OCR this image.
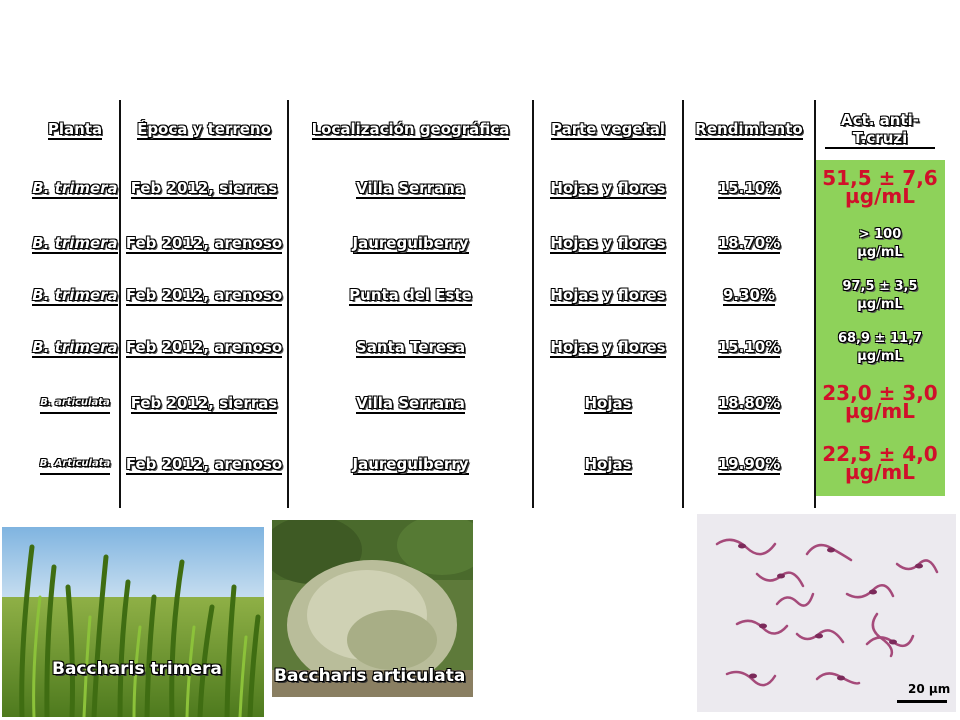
Planta	Época y terreno	Localización geográfica	Parte vegetal	Rendimiento	Act. anti-T.cruzi
B. trimera	Feb 2012, sierras	Villa Serrana	Hojas y flores	15.10%	51,5 ± 7,6 µg/mL
B. trimera	Feb 2012, arenoso	Jaureguiberry	Hojas y flores	18.70%	> 100 µg/mL
B. trimera	Feb 2012, arenoso	Punta del Este	Hojas y flores	9.30%	97,5 ± 3,5 µg/mL
B. trimera	Feb 2012, arenoso	Santa Teresa	Hojas y flores	15.10%	68,9 ± 11,7 µg/mL
B. articulata	Feb 2012, sierras	Villa Serrana	Hojas	18.80%	23,0 ± 3,0 µg/mL
B. Articulata	Feb 2012, arenoso	Jaureguiberry	Hojas	19.90%	22,5 ± 4,0 µg/mL
Baccharis trimera	Baccharis articulata
20 µm
